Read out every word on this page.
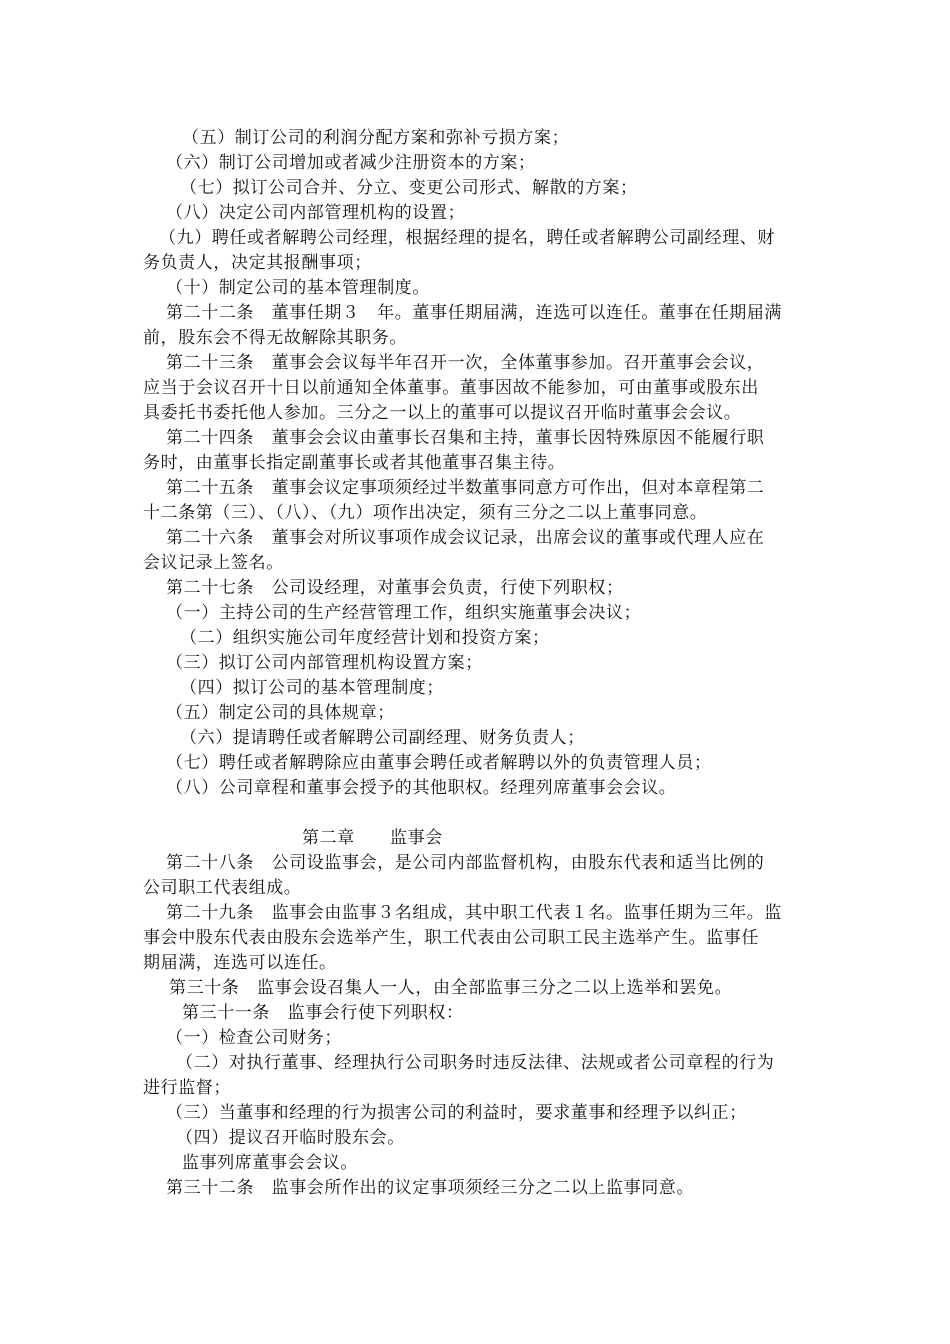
（五）制订公司的利润分配方案和弥补亏损方案；
（六）制订公司增加或者减少注册资本的方案；
（七）拟订公司合并、分立、变更公司形式、解散的方案；
（八）决定公司内部管理机构的设置；
（九）聘任或者解聘公司经理，根据经理的提名，聘任或者解聘公司副经理、财
务负责人，决定其报酬事项；
（十）制定公司的基本管理制度。
第二十二条　董事任期３　年。董事任期届满，连选可以连任。董事在任期届满
前，股东会不得无故解除其职务。
第二十三条　董事会会议每半年召开一次，全体董事参加。召开董事会会议，
应当于会议召开十日以前通知全体董事。董事因故不能参加，可由董事或股东出
具委托书委托他人参加。三分之一以上的董事可以提议召开临时董事会会议。
第二十四条　董事会会议由董事长召集和主持，董事长因特殊原因不能履行职
务时，由董事长指定副董事长或者其他董事召集主待。
第二十五条　董事会议定事项须经过半数董事同意方可作出，但对本章程第二
十二条第（三）、（八）、（九）项作出决定，须有三分之二以上董事同意。
第二十六条　董事会对所议事项作成会议记录，出席会议的董事或代理人应在
会议记录上签名。
第二十七条　公司设经理，对董事会负责，行使下列职权；
（一）主持公司的生产经营管理工作，组织实施董事会决议；
（二）组织实施公司年度经营计划和投资方案；
（三）拟订公司内部管理机构设置方案；
（四）拟订公司的基本管理制度；
（五）制定公司的具体规章；
（六）提请聘任或者解聘公司副经理、财务负责人；
（七）聘任或者解聘除应由董事会聘任或者解聘以外的负责管理人员；
（八）公司章程和董事会授予的其他职权。经理列席董事会会议。
第二章　　监事会
第二十八条　公司设监事会，是公司内部监督机构，由股东代表和适当比例的
公司职工代表组成。
第二十九条　监事会由监事３名组成，其中职工代表１名。监事任期为三年。监
事会中股东代表由股东会选举产生，职工代表由公司职工民主选举产生。监事任
期届满，连选可以连任。
第三十条　监事会设召集人一人，由全部监事三分之二以上选举和罢免。
第三十一条　监事会行使下列职权：
（一）检查公司财务；
（二）对执行董事、经理执行公司职务时违反法律、法规或者公司章程的行为
进行监督；
（三）当董事和经理的行为损害公司的利益时，要求董事和经理予以纠正；
（四）提议召开临时股东会。
监事列席董事会会议。
第三十二条　监事会所作出的议定事项须经三分之二以上监事同意。
